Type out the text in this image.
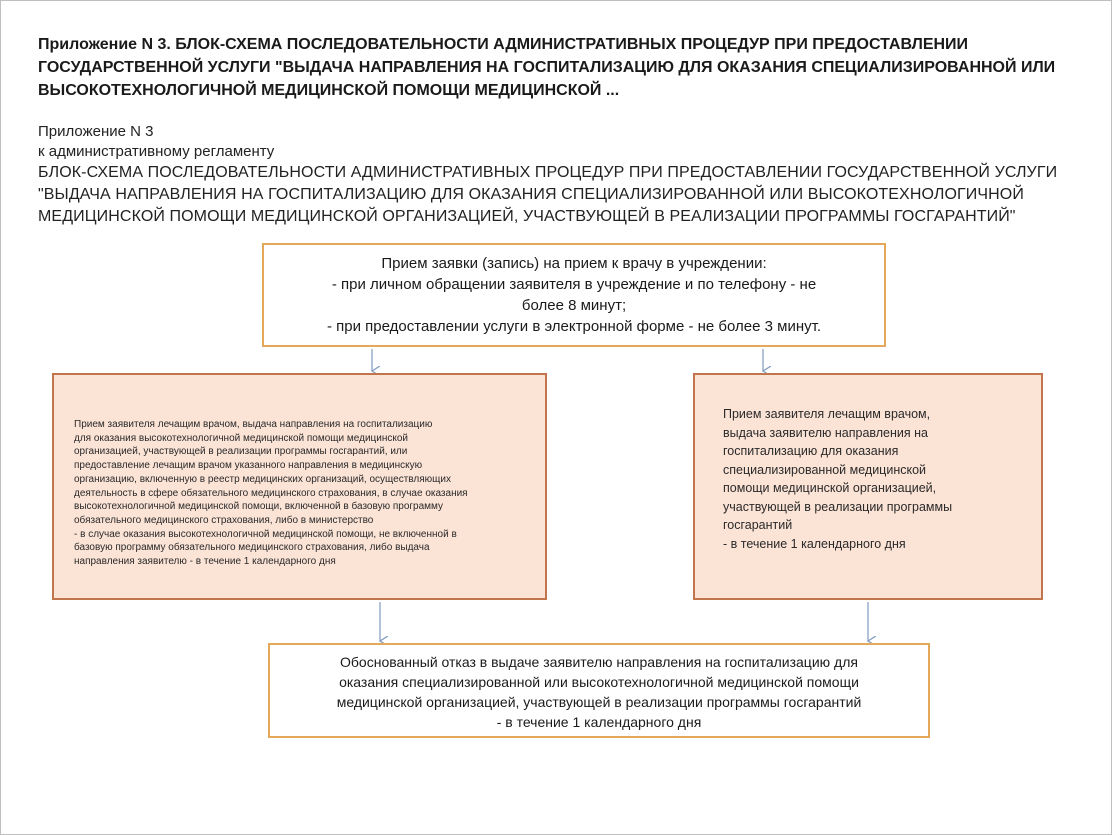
Приложение N 3. БЛОК-СХЕМА ПОСЛЕДОВАТЕЛЬНОСТИ АДМИНИСТРАТИВНЫХ ПРОЦЕДУР ПРИ ПРЕДОСТАВЛЕНИИ ГОСУДАРСТВЕННОЙ УСЛУГИ "ВЫДАЧА НАПРАВЛЕНИЯ НА ГОСПИТАЛИЗАЦИЮ ДЛЯ ОКАЗАНИЯ СПЕЦИАЛИЗИРОВАННОЙ ИЛИ ВЫСОКОТЕХНОЛОГИЧНОЙ МЕДИЦИНСКОЙ ПОМОЩИ МЕДИЦИНСКОЙ ...
Приложение N 3
к административному регламенту
БЛОК-СХЕМА ПОСЛЕДОВАТЕЛЬНОСТИ АДМИНИСТРАТИВНЫХ ПРОЦЕДУР ПРИ ПРЕДОСТАВЛЕНИИ ГОСУДАРСТВЕННОЙ УСЛУГИ
"ВЫДАЧА НАПРАВЛЕНИЯ НА ГОСПИТАЛИЗАЦИЮ ДЛЯ ОКАЗАНИЯ СПЕЦИАЛИЗИРОВАННОЙ ИЛИ ВЫСОКОТЕХНОЛОГИЧНОЙ
МЕДИЦИНСКОЙ ПОМОЩИ МЕДИЦИНСКОЙ ОРГАНИЗАЦИЕЙ, УЧАСТВУЮЩЕЙ В РЕАЛИЗАЦИИ ПРОГРАММЫ ГОСГАРАНТИЙ"
Прием заявки (запись) на прием к врачу в учреждении:
- при личном обращении заявителя в учреждение и по телефону - не
более 8 минут;
- при предоставлении услуги в электронной форме - не более 3 минут.
Прием заявителя лечащим врачом, выдача направления на госпитализацию
для оказания высокотехнологичной медицинской помощи медицинской
организацией, участвующей в реализации программы госгарантий, или
предоставление лечащим врачом указанного направления в медицинскую
организацию, включенную в реестр медицинских организаций, осуществляющих
деятельность в сфере обязательного медицинского страхования, в случае оказания
высокотехнологичной медицинской помощи, включенной в базовую программу
обязательного медицинского страхования, либо в министерство
- в случае оказания высокотехнологичной медицинской помощи, не включенной в
базовую программу обязательного медицинского страхования, либо выдача
направления заявителю - в течение 1 календарного дня
Прием заявителя лечащим врачом,
выдача заявителю направления на
госпитализацию для оказания
специализированной медицинской
помощи медицинской организацией,
участвующей в реализации программы
госгарантий
- в течение 1 календарного дня
Обоснованный отказ в выдаче заявителю направления на госпитализацию для
оказания специализированной или высокотехнологичной медицинской помощи
медицинской организацией, участвующей в реализации программы госгарантий
- в течение 1 календарного дня
